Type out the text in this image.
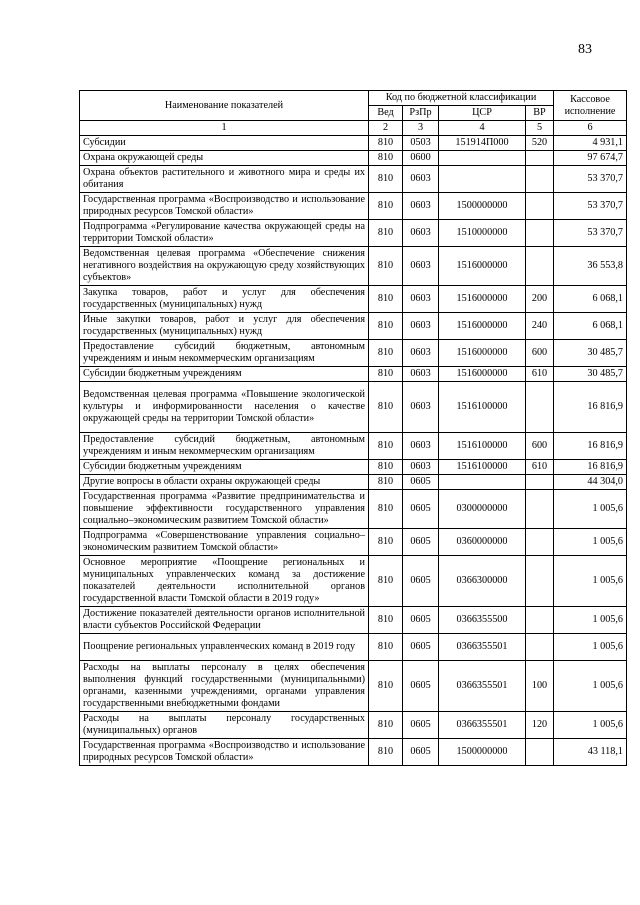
83
Наименование показателей	Код по бюджетной классификации				Кассовое исполнение
	Вед	РзПр	ЦСР	ВР	
1	2	3	4	5	6
Субсидии	810	0503	151914П000	520	4 931,1
Охрана окружающей среды	810	0600			97 674,7
Охрана объектов растительного и животного мира и среды их обитания	810	0603			53 370,7
Государственная программа «Воспроизводство и использование природных ресурсов Томской области»	810	0603	1500000000		53 370,7
Подпрограмма «Регулирование качества окружающей среды на территории Томской области»	810	0603	1510000000		53 370,7
Ведомственная целевая программа «Обеспечение снижения негативного воздействия на окружающую среду хозяйствующих субъектов»	810	0603	1516000000		36 553,8
Закупка товаров, работ и услуг для обеспечения государственных (муниципальных) нужд	810	0603	1516000000	200	6 068,1
Иные закупки товаров, работ и услуг для обеспечения государственных (муниципальных) нужд	810	0603	1516000000	240	6 068,1
Предоставление субсидий бюджетным, автономным учреждениям и иным некоммерческим организациям	810	0603	1516000000	600	30 485,7
Субсидии бюджетным учреждениям	810	0603	1516000000	610	30 485,7
Ведомственная целевая программа «Повышение экологической культуры и информированности населения о качестве окружающей среды на территории Томской области»	810	0603	1516100000		16 816,9
Предоставление субсидий бюджетным, автономным учреждениям и иным некоммерческим организациям	810	0603	1516100000	600	16 816,9
Субсидии бюджетным учреждениям	810	0603	1516100000	610	16 816,9
Другие вопросы в области охраны окружающей среды	810	0605			44 304,0
Государственная программа «Развитие предпринимательства и повышение эффективности государственного управления социально–экономическим развитием Томской области»	810	0605	0300000000		1 005,6
Подпрограмма «Совершенствование управления социально–экономическим развитием Томской области»	810	0605	0360000000		1 005,6
Основное мероприятие «Поощрение региональных и муниципальных управленческих команд за достижение показателей деятельности исполнительной органов государственной власти Томской области в 2019 году»	810	0605	0366300000		1 005,6
Достижение показателей деятельности органов исполнительной власти субъектов Российской Федерации	810	0605	0366355500		1 005,6
Поощрение региональных управленческих команд в 2019 году	810	0605	0366355501		1 005,6
Расходы на выплаты персоналу в целях обеспечения выполнения функций государственными (муниципальными) органами, казенными учреждениями, органами управления государственными внебюджетными фондами	810	0605	0366355501	100	1 005,6
Расходы на выплаты персоналу государственных (муниципальных) органов	810	0605	0366355501	120	1 005,6
Государственная программа «Воспроизводство и использование природных ресурсов Томской области»	810	0605	1500000000		43 118,1
